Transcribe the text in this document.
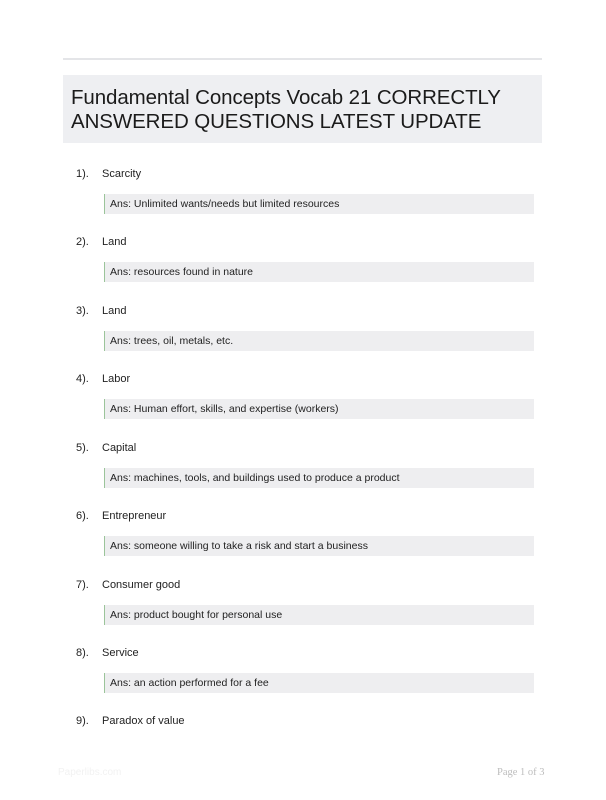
Fundamental Concepts Vocab 21 CORRECTLY
ANSWERED QUESTIONS LATEST UPDATE
1). Scarcity
Ans: Unlimited wants/needs but limited resources
2). Land
Ans: resources found in nature
3). Land
Ans: trees, oil, metals, etc.
4). Labor
Ans: Human effort, skills, and expertise (workers)
5). Capital
Ans: machines, tools, and buildings used to produce a product
6). Entrepreneur
Ans: someone willing to take a risk and start a business
7). Consumer good
Ans: product bought for personal use
8). Service
Ans: an action performed for a fee
9). Paradox of value
Paperlibs.com	Page 1 of 3
